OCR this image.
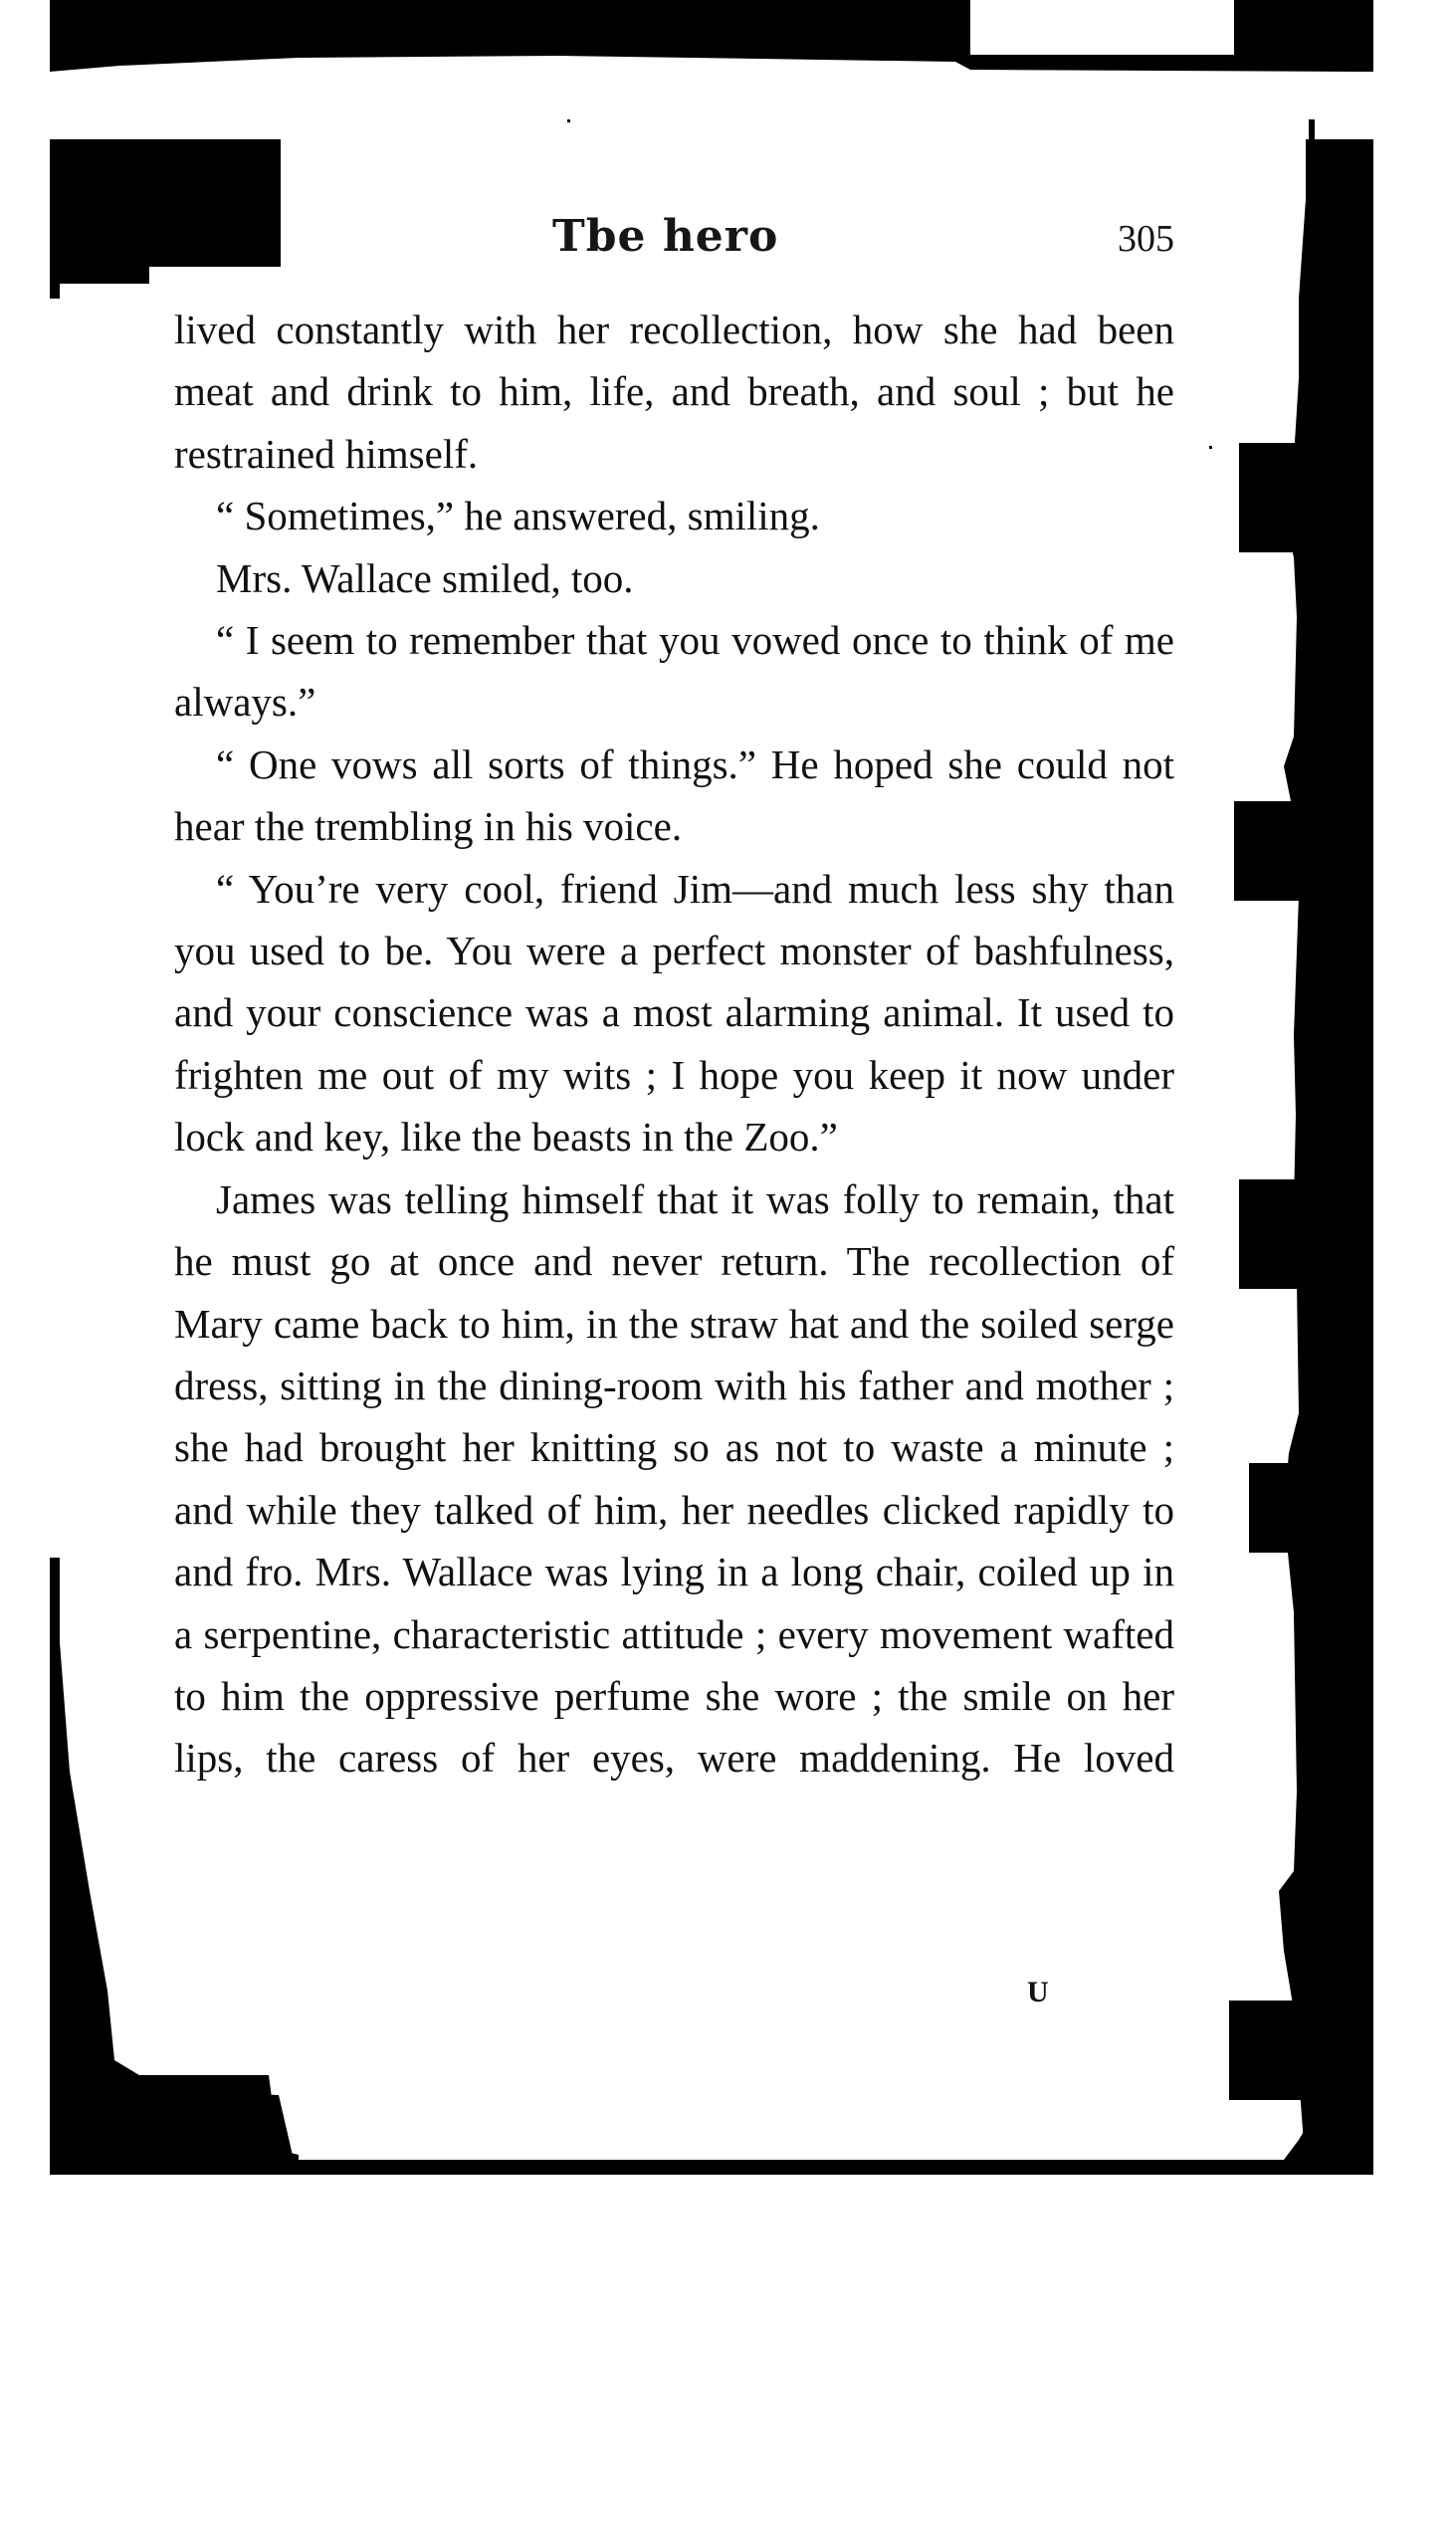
Tbe hero	305

lived constantly with her recollection, how she had been meat and drink to him, life, and breath, and soul ; but he restrained himself.

“ Sometimes,” he answered, smiling.

Mrs. Wallace smiled, too.

“ I seem to remember that you vowed once to think of me always.”

“ One vows all sorts of things.” He hoped she could not hear the trembling in his voice.

“ You’re very cool, friend Jim—and much less shy than you used to be. You were a perfect monster of bashfulness, and your conscience was a most alarming animal. It used to frighten me out of my wits ; I hope you keep it now under lock and key, like the beasts in the Zoo.”

James was telling himself that it was folly to remain, that he must go at once and never return. The recollection of Mary came back to him, in the straw hat and the soiled serge dress, sitting in the dining-room with his father and mother ; she had brought her knitting so as not to waste a minute ; and while they talked of him, her needles clicked rapidly to and fro. Mrs. Wallace was lying in a long chair, coiled up in a serpentine, characteristic attitude ; every movement wafted to him the oppressive perfume she wore ; the smile on her lips, the caress of her eyes, were maddening. He loved

U
